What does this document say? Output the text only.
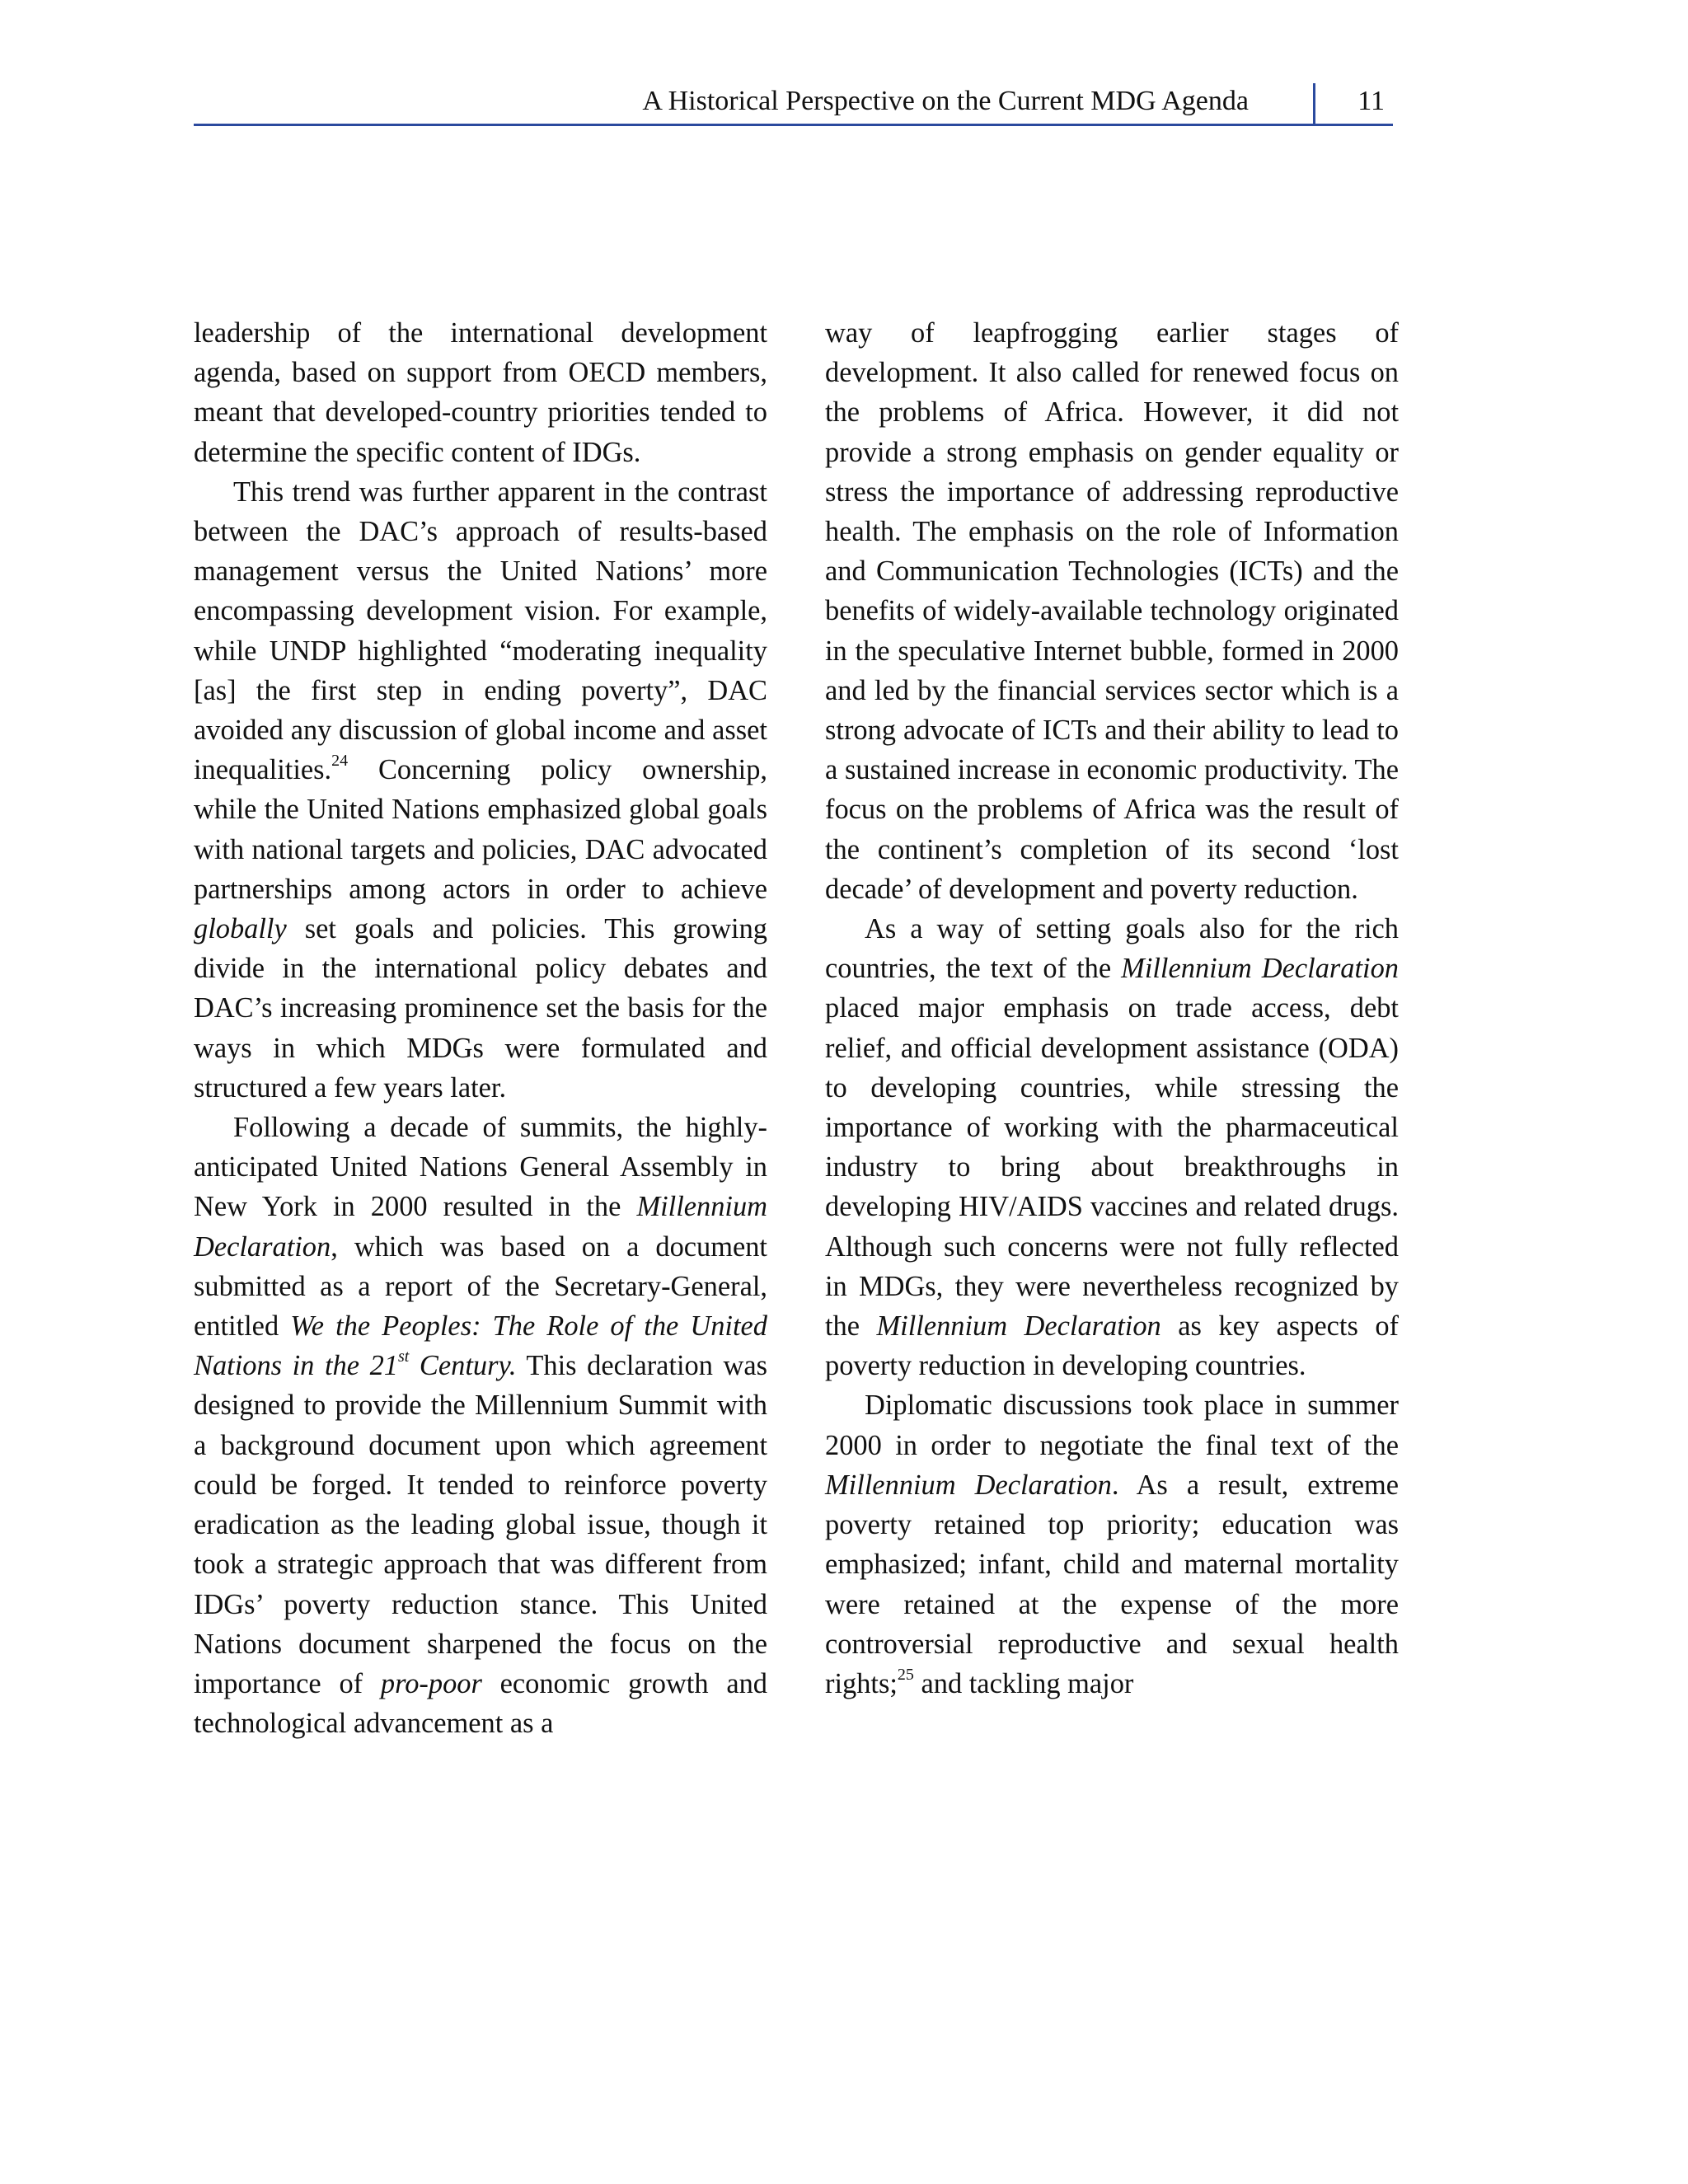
A Historical Perspective on the Current MDG Agenda	11

leadership of the international development agenda, based on support from OECD members, meant that developed-country priorities tended to determine the specific content of IDGs.

This trend was further apparent in the contrast between the DAC’s approach of results-based management versus the United Nations’ more encompassing development vision. For example, while UNDP highlighted “moderating inequality [as] the first step in ending poverty”, DAC avoided any discussion of global income and asset inequalities.$^{24}$ Concerning policy ownership, while the United Nations emphasized global goals with national targets and policies, DAC advocated partnerships among actors in order to achieve globally set goals and policies. This growing divide in the international policy debates and DAC’s increasing prominence set the basis for the ways in which MDGs were formulated and structured a few years later.

Following a decade of summits, the highly-anticipated United Nations General Assembly in New York in 2000 resulted in the Millennium Declaration, which was based on a document submitted as a report of the Secretary-General, entitled We the Peoples: The Role of the United Nations in the 21st Century. This declaration was designed to provide the Millennium Summit with a background document upon which agreement could be forged. It tended to reinforce poverty eradication as the leading global issue, though it took a strategic approach that was different from IDGs’ poverty reduction stance. This United Nations document sharpened the focus on the importance of pro-poor economic growth and technological advancement as a

way of leapfrogging earlier stages of development. It also called for renewed focus on the problems of Africa. However, it did not provide a strong emphasis on gender equality or stress the importance of addressing reproductive health. The emphasis on the role of Information and Communication Technologies (ICTs) and the benefits of widely-available technology originated in the speculative Internet bubble, formed in 2000 and led by the financial services sector which is a strong advocate of ICTs and their ability to lead to a sustained increase in economic productivity. The focus on the problems of Africa was the result of the continent’s completion of its second ‘lost decade’ of development and poverty reduction.

As a way of setting goals also for the rich countries, the text of the Millennium Declaration placed major emphasis on trade access, debt relief, and official development assistance (ODA) to developing countries, while stressing the importance of working with the pharmaceutical industry to bring about breakthroughs in developing HIV/AIDS vaccines and related drugs. Although such concerns were not fully reflected in MDGs, they were nevertheless recognized by the Millennium Declaration as key aspects of poverty reduction in developing countries.

Diplomatic discussions took place in summer 2000 in order to negotiate the final text of the Millennium Declaration. As a result, extreme poverty retained top priority; education was emphasized; infant, child and maternal mortality were retained at the expense of the more controversial reproductive and sexual health rights;$^{25}$ and tackling major
